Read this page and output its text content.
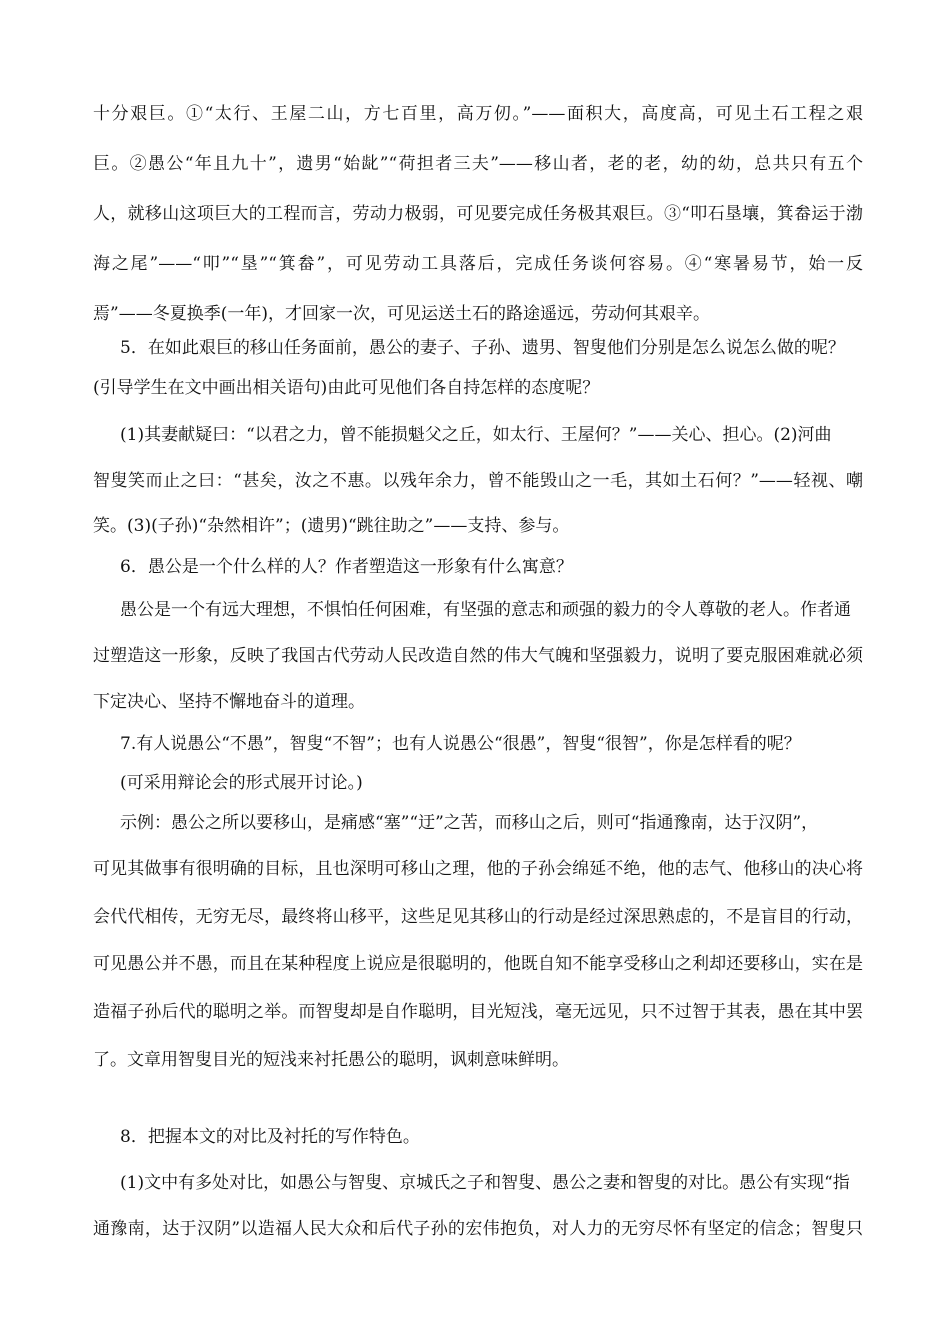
十分艰巨。①“太行、王屋二山，方七百里，高万仞。”——面积大，高度高，可见土石工程之艰
巨。②愚公“年且九十”，遗男“始龀”“荷担者三夫”——移山者，老的老，幼的幼，总共只有五个
人，就移山这项巨大的工程而言，劳动力极弱，可见要完成任务极其艰巨。③“叩石垦壤，箕畚运于渤
海之尾”——“叩”“垦”“箕畚”，可见劳动工具落后，完成任务谈何容易。④“寒暑易节，始一反
焉”——冬夏换季(一年)，才回家一次，可见运送土石的路途遥远，劳动何其艰辛。
5．在如此艰巨的移山任务面前，愚公的妻子、子孙、遗男、智叟他们分别是怎么说怎么做的呢？
(引导学生在文中画出相关语句)由此可见他们各自持怎样的态度呢？
(1)其妻献疑曰：“以君之力，曾不能损魁父之丘，如太行、王屋何？”——关心、担心。(2)河曲
智叟笑而止之曰：“甚矣，汝之不惠。以残年余力，曾不能毁山之一毛，其如土石何？”——轻视、嘲
笑。(3)(子孙)“杂然相许”；(遗男)“跳往助之”——支持、参与。
6．愚公是一个什么样的人？作者塑造这一形象有什么寓意？
愚公是一个有远大理想，不惧怕任何困难，有坚强的意志和顽强的毅力的令人尊敬的老人。作者通
过塑造这一形象，反映了我国古代劳动人民改造自然的伟大气魄和坚强毅力，说明了要克服困难就必须
下定决心、坚持不懈地奋斗的道理。
7.有人说愚公“不愚”，智叟“不智”；也有人说愚公“很愚”，智叟“很智”，你是怎样看的呢？
(可采用辩论会的形式展开讨论。)
示例：愚公之所以要移山，是痛感“塞”“迂”之苦，而移山之后，则可“指通豫南，达于汉阴”，
可见其做事有很明确的目标，且也深明可移山之理，他的子孙会绵延不绝，他的志气、他移山的决心将
会代代相传，无穷无尽，最终将山移平，这些足见其移山的行动是经过深思熟虑的，不是盲目的行动，
可见愚公并不愚，而且在某种程度上说应是很聪明的，他既自知不能享受移山之利却还要移山，实在是
造福子孙后代的聪明之举。而智叟却是自作聪明，目光短浅，毫无远见，只不过智于其表，愚在其中罢
了。文章用智叟目光的短浅来衬托愚公的聪明，讽刺意味鲜明。
8．把握本文的对比及衬托的写作特色。
(1)文中有多处对比，如愚公与智叟、京城氏之子和智叟、愚公之妻和智叟的对比。愚公有实现“指
通豫南，达于汉阴”以造福人民大众和后代子孙的宏伟抱负，对人力的无穷尽怀有坚定的信念；智叟只
